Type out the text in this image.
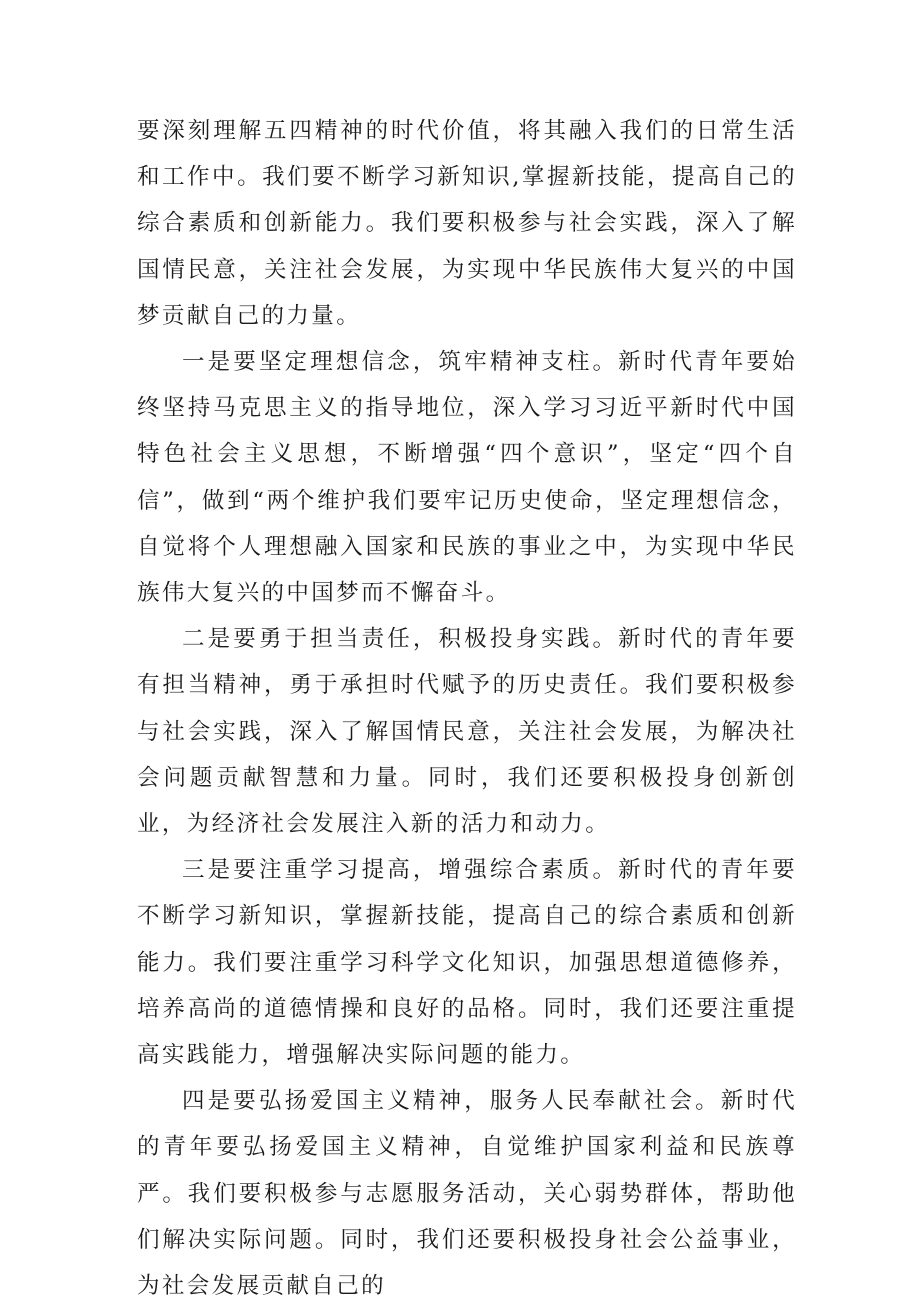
要深刻理解五四精神的时代价值，将其融入我们的日常生活和工作中。我们要不断学习新知识,掌握新技能，提高自己的综合素质和创新能力。我们要积极参与社会实践，深入了解国情民意，关注社会发展，为实现中华民族伟大复兴的中国梦贡献自己的力量。

一是要坚定理想信念，筑牢精神支柱。新时代青年要始终坚持马克思主义的指导地位，深入学习习近平新时代中国特色社会主义思想，不断增强“四个意识”，坚定“四个自信”，做到“两个维护我们要牢记历史使命，坚定理想信念，自觉将个人理想融入国家和民族的事业之中，为实现中华民族伟大复兴的中国梦而不懈奋斗。

二是要勇于担当责任，积极投身实践。新时代的青年要有担当精神，勇于承担时代赋予的历史责任。我们要积极参与社会实践，深入了解国情民意，关注社会发展，为解决社会问题贡献智慧和力量。同时，我们还要积极投身创新创业，为经济社会发展注入新的活力和动力。

三是要注重学习提高，增强综合素质。新时代的青年要不断学习新知识，掌握新技能，提高自己的综合素质和创新能力。我们要注重学习科学文化知识，加强思想道德修养，培养高尚的道德情操和良好的品格。同时，我们还要注重提高实践能力，增强解决实际问题的能力。

四是要弘扬爱国主义精神，服务人民奉献社会。新时代的青年要弘扬爱国主义精神，自觉维护国家利益和民族尊严。我们要积极参与志愿服务活动，关心弱势群体，帮助他们解决实际问题。同时，我们还要积极投身社会公益事业，为社会发展贡献自己的
